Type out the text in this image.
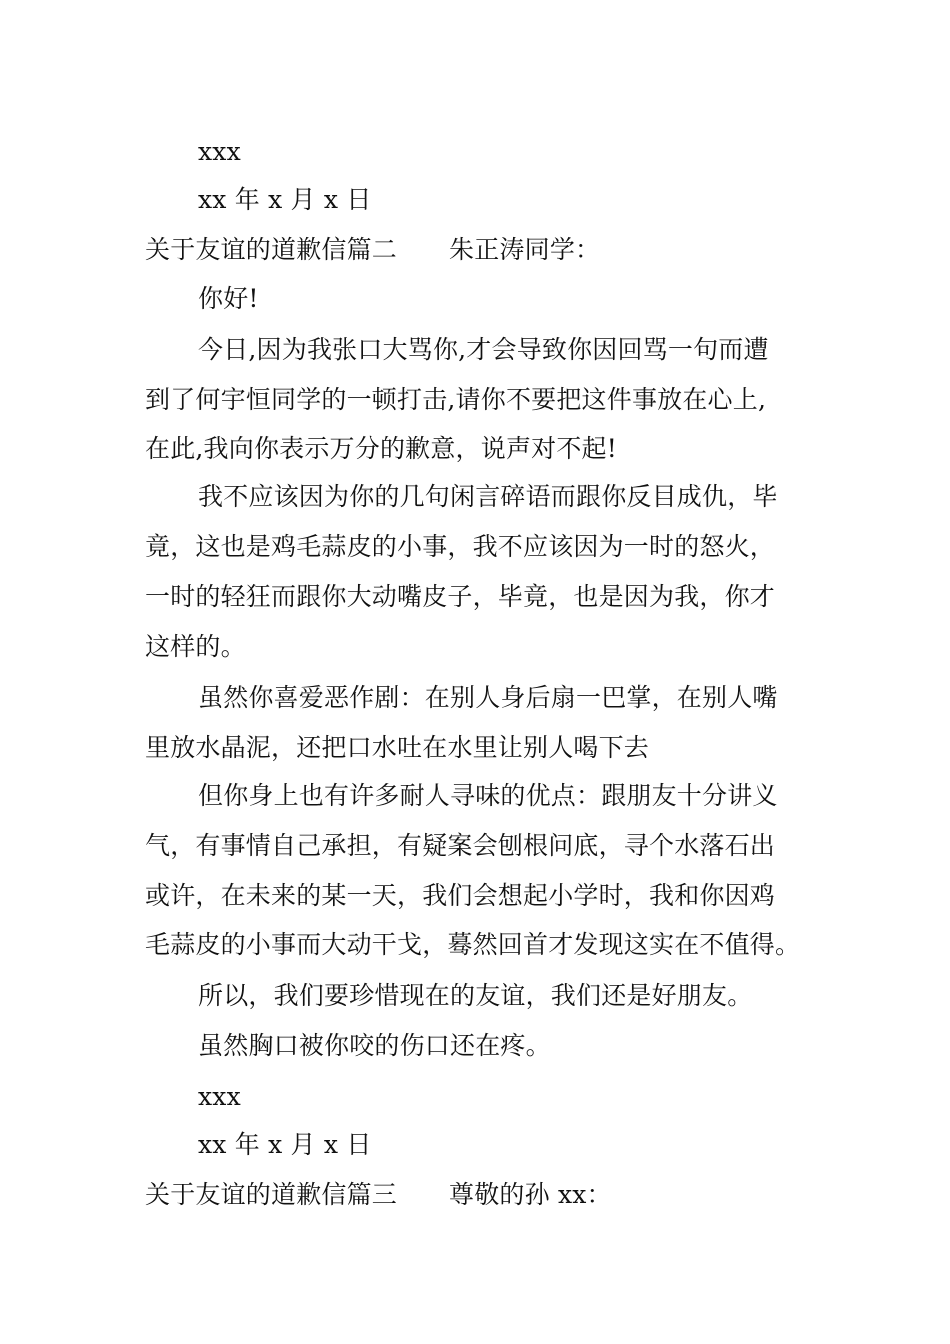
xxx
xx 年 x 月 x 日
关于友谊的道歉信篇二 朱正涛同学：
你好!
今日,因为我张口大骂你,才会导致你因回骂一句而遭
到了何宇恒同学的一顿打击,请你不要把这件事放在心上,
在此,我向你表示万分的歉意，说声对不起!
我不应该因为你的几句闲言碎语而跟你反目成仇，毕
竟，这也是鸡毛蒜皮的小事，我不应该因为一时的怒火，
一时的轻狂而跟你大动嘴皮子，毕竟，也是因为我，你才
这样的。
虽然你喜爱恶作剧：在别人身后扇一巴掌，在别人嘴
里放水晶泥，还把口水吐在水里让别人喝下去
但你身上也有许多耐人寻味的优点：跟朋友十分讲义
气，有事情自己承担，有疑案会刨根问底，寻个水落石出
或许，在未来的某一天，我们会想起小学时，我和你因鸡
毛蒜皮的小事而大动干戈，蓦然回首才发现这实在不值得。
所以，我们要珍惜现在的友谊，我们还是好朋友。
虽然胸口被你咬的伤口还在疼。
xxx
xx 年 x 月 x 日
关于友谊的道歉信篇三 尊敬的孙 xx：
